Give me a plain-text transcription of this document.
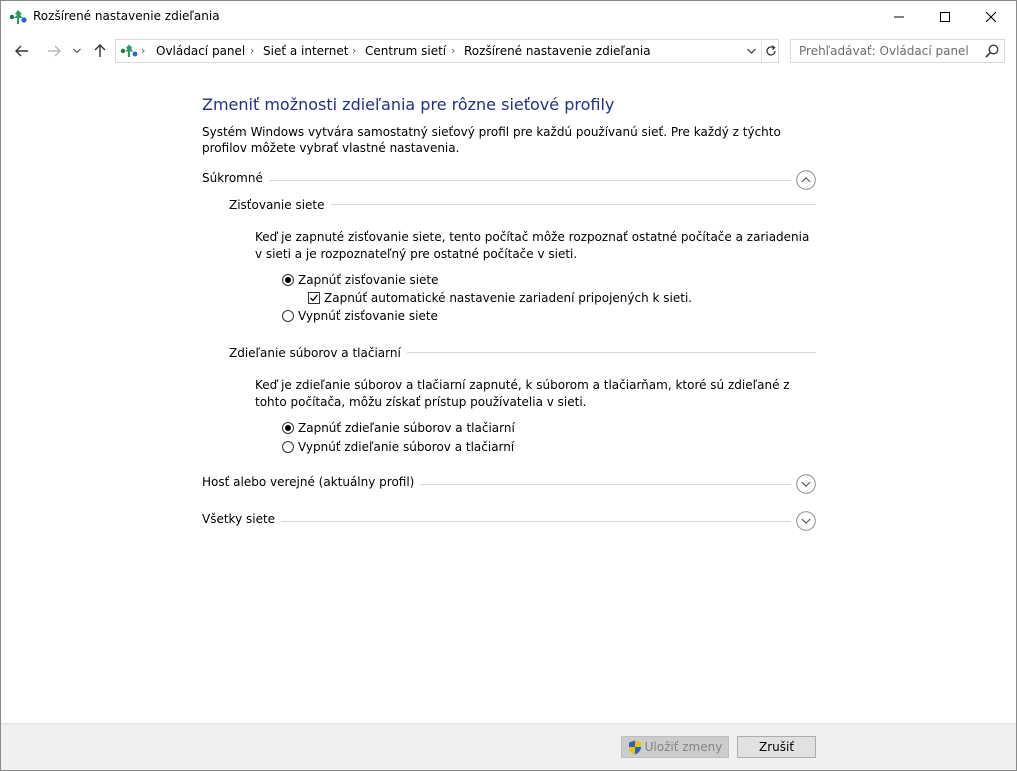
Rozšírené nastavenie zdieľania
› Ovládací panel › Sieť a internet › Centrum sietí › Rozšírené nastavenie zdieľania
Prehľadávať: Ovládací panel
Zmeniť možnosti zdieľania pre rôzne sieťové profily
Systém Windows vytvára samostatný sieťový profil pre každú používanú sieť. Pre každý z týchto profilov môžete vybrať vlastné nastavenia.
Súkromné
Zisťovanie siete
Keď je zapnuté zisťovanie siete, tento počítač môže rozpoznať ostatné počítače a zariadenia v sieti a je rozpoznateľný pre ostatné počítače v sieti.
Zapnúť zisťovanie siete
Zapnúť automatické nastavenie zariadení pripojených k sieti.
Vypnúť zisťovanie siete
Zdieľanie súborov a tlačiarní
Keď je zdieľanie súborov a tlačiarní zapnuté, k súborom a tlačiarňam, ktoré sú zdieľané z tohto počítača, môžu získať prístup používatelia v sieti.
Zapnúť zdieľanie súborov a tlačiarní
Vypnúť zdieľanie súborov a tlačiarní
Hosť alebo verejné (aktuálny profil)
Všetky siete
Uložiť zmeny	Zrušiť
